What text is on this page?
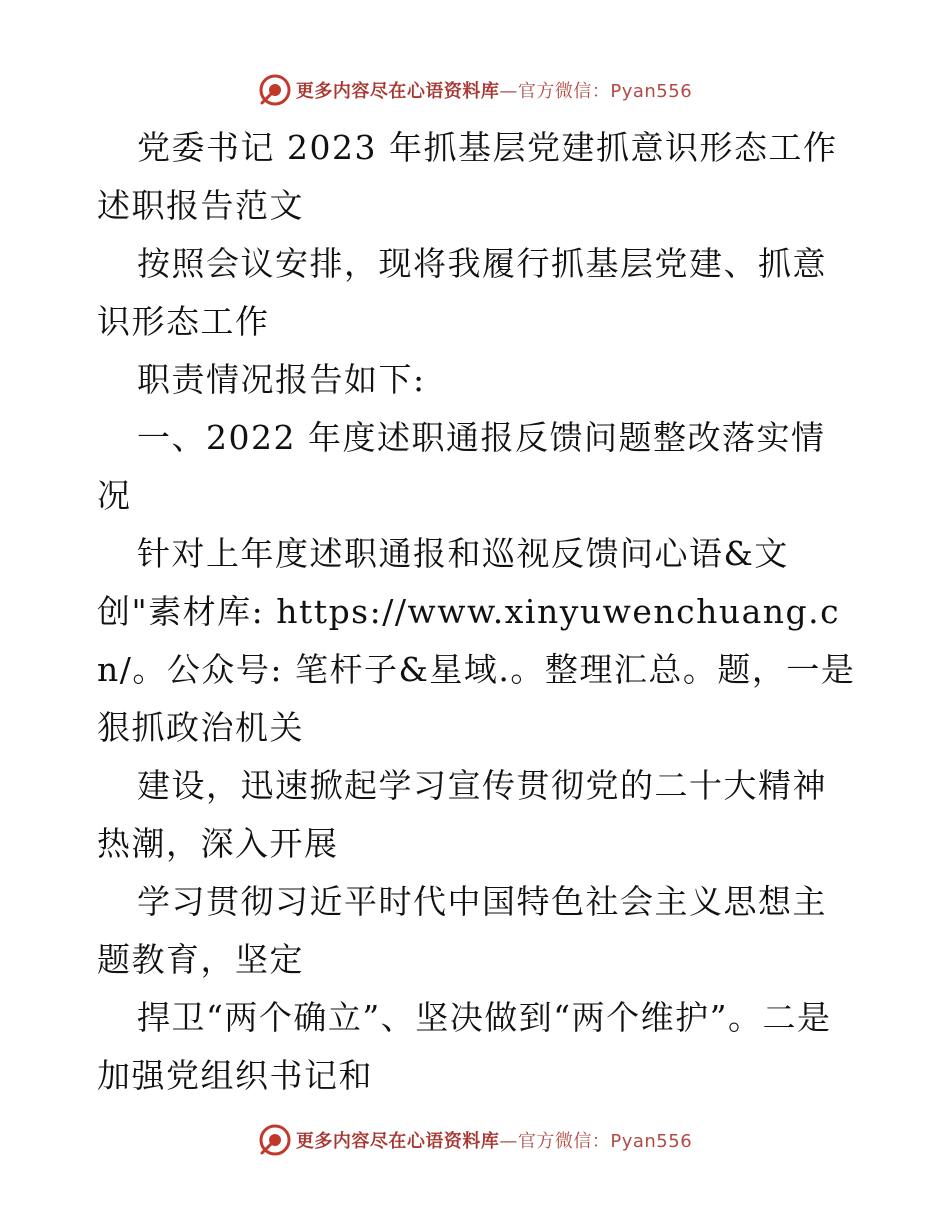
更多内容尽在心语资料库—官方微信：Pyan556

党委书记 2023 年抓基层党建抓意识形态工作述职报告范文

按照会议安排，现将我履行抓基层党建、抓意识形态工作

职责情况报告如下:

一、2022 年度述职通报反馈问题整改落实情况

针对上年度述职通报和巡视反馈问心语&文创"素材库: https://www.xinyuwenchuang.cn/。公众号: 笔杆子&星域.。整理汇总。题，一是狠抓政治机关

建设，迅速掀起学习宣传贯彻党的二十大精神热潮，深入开展

学习贯彻习近平时代中国特色社会主义思想主题教育，坚定

捍卫“两个确立”、坚决做到“两个维护”。二是加强党组织书记和

更多内容尽在心语资料库—官方微信：Pyan556
